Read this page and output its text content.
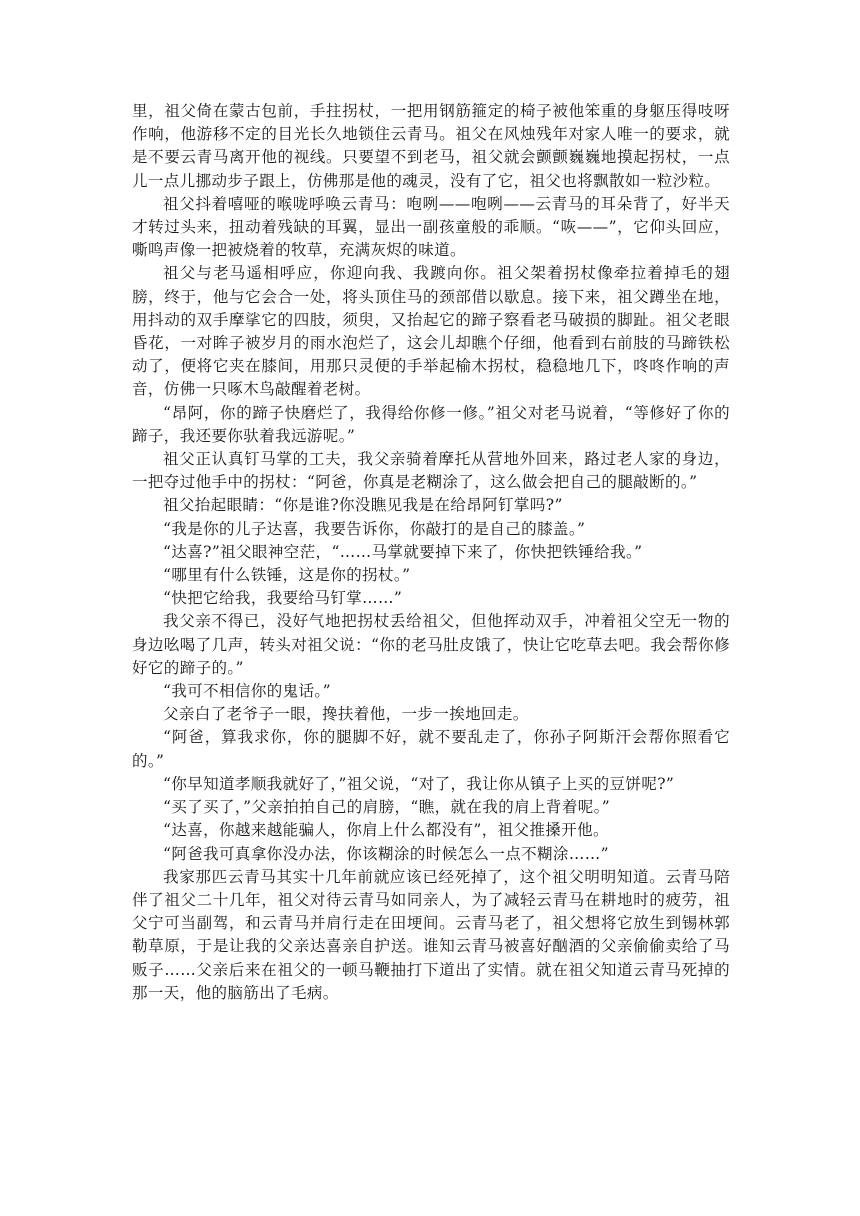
里，祖父倚在蒙古包前，手拄拐杖，一把用钢筋箍定的椅子被他笨重的身躯压得吱呀作响，他游移不定的目光长久地锁住云青马。祖父在风烛残年对家人唯一的要求，就是不要云青马离开他的视线。只要望不到老马，祖父就会颤颤巍巍地摸起拐杖，一点儿一点儿挪动步子跟上，仿佛那是他的魂灵，没有了它，祖父也将飘散如一粒沙粒。

祖父抖着嘻哑的喉咙呼唤云青马：咆咧——咆咧——云青马的耳朵背了，好半天才转过头来，扭动着残缺的耳翼，显出一副孩童般的乖顺。“咴——”，它仰头回应，嘶鸣声像一把被烧着的牧草，充满灰烬的味道。

祖父与老马遥相呼应，你迎向我、我踱向你。祖父架着拐杖像牵拉着掉毛的翅膀，终于，他与它会合一处，将头顶住马的颈部借以歇息。接下来，祖父蹲坐在地，用抖动的双手摩挲它的四肢，须臾，又抬起它的蹄子察看老马破损的脚趾。祖父老眼昏花，一对眸子被岁月的雨水泡烂了，这会儿却瞧个仔细，他看到右前肢的马蹄铁松动了，便将它夹在膝间，用那只灵便的手举起榆木拐杖，稳稳地几下，咚咚作响的声音，仿佛一只啄木鸟敲醒着老树。

“昂阿，你的蹄子快磨烂了，我得给你修一修。”祖父对老马说着，“等修好了你的蹄子，我还要你驮着我远游呢。”

祖父正认真钉马掌的工夫，我父亲骑着摩托从营地外回来，路过老人家的身边，一把夺过他手中的拐杖：“阿爸，你真是老糊涂了，这么做会把自己的腿敲断的。”

祖父抬起眼睛：“你是谁?你没瞧见我是在给昂阿钉掌吗?”

“我是你的儿子达喜，我要告诉你，你敲打的是自己的膝盖。”

“达喜?”祖父眼神空茫，“……马掌就要掉下来了，你快把铁锤给我。”

“哪里有什么铁锤，这是你的拐杖。”

“快把它给我，我要给马钉掌……”

我父亲不得已，没好气地把拐杖丢给祖父，但他挥动双手，冲着祖父空无一物的身边吆喝了几声，转头对祖父说：“你的老马肚皮饿了，快让它吃草去吧。我会帮你修好它的蹄子的。”

“我可不相信你的鬼话。”

父亲白了老爷子一眼，搀扶着他，一步一挨地回走。

“阿爸，算我求你，你的腿脚不好，就不要乱走了，你孙子阿斯汗会帮你照看它的。”

“你早知道孝顺我就好了，”祖父说，“对了，我让你从镇子上买的豆饼呢?”

“买了买了，”父亲拍拍自己的肩膀，“瞧，就在我的肩上背着呢。”

“达喜，你越来越能骗人，你肩上什么都没有”，祖父推搡开他。

“阿爸我可真拿你没办法，你该糊涂的时候怎么一点不糊涂……”

我家那匹云青马其实十几年前就应该已经死掉了，这个祖父明明知道。云青马陪伴了祖父二十几年，祖父对待云青马如同亲人，为了减轻云青马在耕地时的疲劳，祖父宁可当副驾，和云青马并肩行走在田埂间。云青马老了，祖父想将它放生到锡林郭勒草原，于是让我的父亲达喜亲自护送。谁知云青马被喜好酗酒的父亲偷偷卖给了马贩子……父亲后来在祖父的一顿马鞭抽打下道出了实情。就在祖父知道云青马死掉的那一天，他的脑筋出了毛病。
